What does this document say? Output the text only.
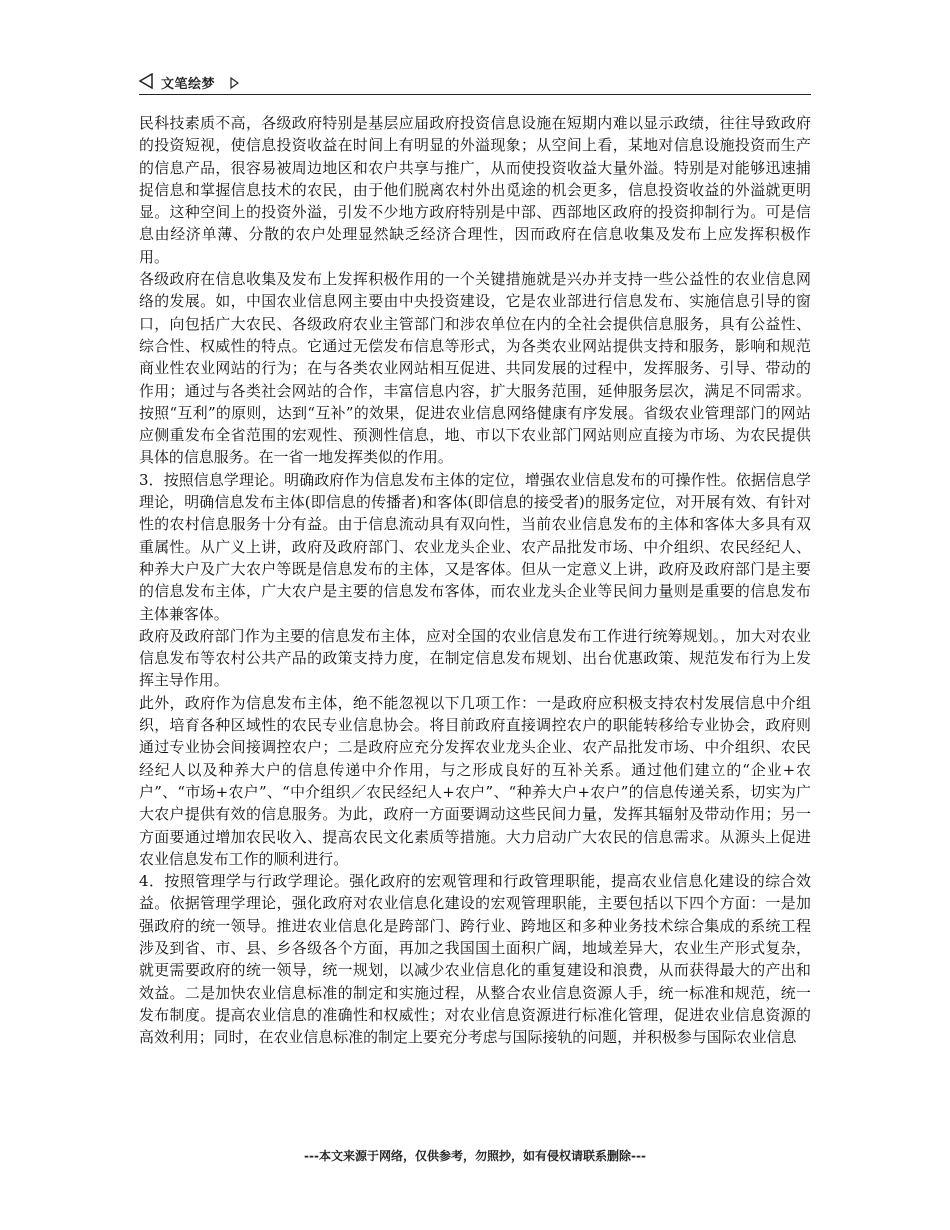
文笔绘梦

民科技素质不高，各级政府特别是基层应届政府投资信息设施在短期内难以显示政绩，往往导致政府的投资短视，使信息投资收益在时间上有明显的外溢现象；从空间上看，某地对信息设施投资而生产的信息产品，很容易被周边地区和农户共享与推广，从而使投资收益大量外溢。特别是对能够迅速捕捉信息和掌握信息技术的农民，由于他们脱离农村外出觅途的机会更多，信息投资收益的外溢就更明显。这种空间上的投资外溢，引发不少地方政府特别是中部、西部地区政府的投资抑制行为。可是信息由经济单薄、分散的农户处理显然缺乏经济合理性，因而政府在信息收集及发布上应发挥积极作用。

各级政府在信息收集及发布上发挥积极作用的一个关键措施就是兴办并支持一些公益性的农业信息网络的发展。如，中国农业信息网主要由中央投资建设，它是农业部进行信息发布、实施信息引导的窗口，向包括广大农民、各级政府农业主管部门和涉农单位在内的全社会提供信息服务，具有公益性、综合性、权威性的特点。它通过无偿发布信息等形式，为各类农业网站提供支持和服务，影响和规范商业性农业网站的行为；在与各类农业网站相互促进、共同发展的过程中，发挥服务、引导、带动的作用；通过与各类社会网站的合作，丰富信息内容，扩大服务范围，延伸服务层次，满足不同需求。按照“互利”的原则，达到“互补”的效果，促进农业信息网络健康有序发展。省级农业管理部门的网站应侧重发布全省范围的宏观性、预测性信息，地、市以下农业部门网站则应直接为市场、为农民提供具体的信息服务。在一省一地发挥类似的作用。

3．按照信息学理论。明确政府作为信息发布主体的定位，增强农业信息发布的可操作性。依据信息学理论，明确信息发布主体(即信息的传播者)和客体(即信息的接受者)的服务定位，对开展有效、有针对性的农村信息服务十分有益。由于信息流动具有双向性，当前农业信息发布的主体和客体大多具有双重属性。从广义上讲，政府及政府部门、农业龙头企业、农产品批发市场、中介组织、农民经纪人、种养大户及广大农户等既是信息发布的主体，又是客体。但从一定意义上讲，政府及政府部门是主要的信息发布主体，广大农户是主要的信息发布客体，而农业龙头企业等民间力量则是重要的信息发布主体兼客体。

政府及政府部门作为主要的信息发布主体，应对全国的农业信息发布工作进行统筹规划。，加大对农业信息发布等农村公共产品的政策支持力度，在制定信息发布规划、出台优惠政策、规范发布行为上发挥主导作用。

此外，政府作为信息发布主体，绝不能忽视以下几项工作：一是政府应积极支持农村发展信息中介组织，培育各种区域性的农民专业信息协会。将目前政府直接调控农户的职能转移给专业协会，政府则通过专业协会间接调控农户；二是政府应充分发挥农业龙头企业、农产品批发市场、中介组织、农民经纪人以及种养大户的信息传递中介作用，与之形成良好的互补关系。通过他们建立的“企业+农户”、“市场+农户”、“中介组织／农民经纪人+农户”、“种养大户+农户”的信息传递关系，切实为广大农户提供有效的信息服务。为此，政府一方面要调动这些民间力量，发挥其辐射及带动作用；另一方面要通过增加农民收入、提高农民文化素质等措施。大力启动广大农民的信息需求。从源头上促进农业信息发布工作的顺利进行。

4．按照管理学与行政学理论。强化政府的宏观管理和行政管理职能，提高农业信息化建设的综合效益。依据管理学理论，强化政府对农业信息化建设的宏观管理职能，主要包括以下四个方面：一是加强政府的统一领导。推进农业信息化是跨部门、跨行业、跨地区和多种业务技术综合集成的系统工程涉及到省、市、县、乡各级各个方面，再加之我国国土面积广阔，地域差异大，农业生产形式复杂，就更需要政府的统一领导，统一规划，以减少农业信息化的重复建设和浪费，从而获得最大的产出和效益。二是加快农业信息标准的制定和实施过程，从整合农业信息资源人手，统一标准和规范，统一发布制度。提高农业信息的准确性和权威性；对农业信息资源进行标准化管理，促进农业信息资源的高效利用；同时，在农业信息标准的制定上要充分考虑与国际接轨的问题，并积极参与国际农业信息

---本文来源于网络，仅供参考，勿照抄，如有侵权请联系删除---
